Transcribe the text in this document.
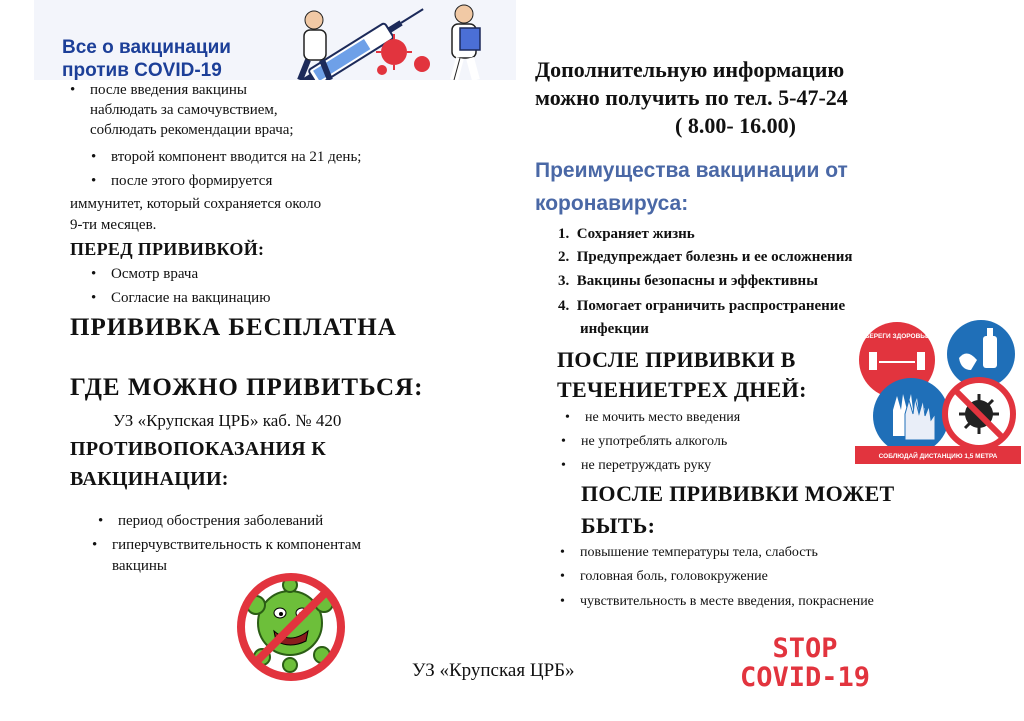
Все о вакцинации
против COVID-19
• после введения вакцины
наблюдать за самочувствием,
соблюдать рекомендации врача;
• второй компонент вводится на 21 день;
• после этого формируется
иммунитет, который сохраняется около
9-ти месяцев.
ПЕРЕД ПРИВИВКОЙ:
• Осмотр врача
• Согласие на вакцинацию
ПРИВИВКА БЕСПЛАТНА
ГДЕ МОЖНО ПРИВИТЬСЯ:
УЗ «Крупская ЦРБ» каб. № 420
ПРОТИВОПОКАЗАНИЯ К
ВАКЦИНАЦИИ:
• период обострения заболеваний
• гиперчувствительность к компонентам
вакцины
УЗ «Крупская ЦРБ»
Дополнительную информацию
можно получить по тел. 5-47-24
( 8.00- 16.00)
Преимущества вакцинации от
коронавируса:
1.  Сохраняет жизнь
2.  Предупреждает болезнь и ее осложнения
3.  Вакцины безопасны и эффективны
4.  Помогает ограничить распространение
инфекции
ПОСЛЕ ПРИВИВКИ В
ТЕЧЕНИЕТРЕХ ДНЕЙ:
• не мочить место введения
• не употреблять алкоголь
• не перетруждать руку
ПОСЛЕ ПРИВИВКИ МОЖЕТ
БЫТЬ:
• повышение температуры тела, слабость
• головная боль, головокружение
• чувствительность в месте введения, покраснение
БЕРЕГИ ЗДОРОВЬЕ
СОБЛЮДАЙ ДИСТАНЦИЮ 1,5 МЕТРА
STOP
COVID-19
